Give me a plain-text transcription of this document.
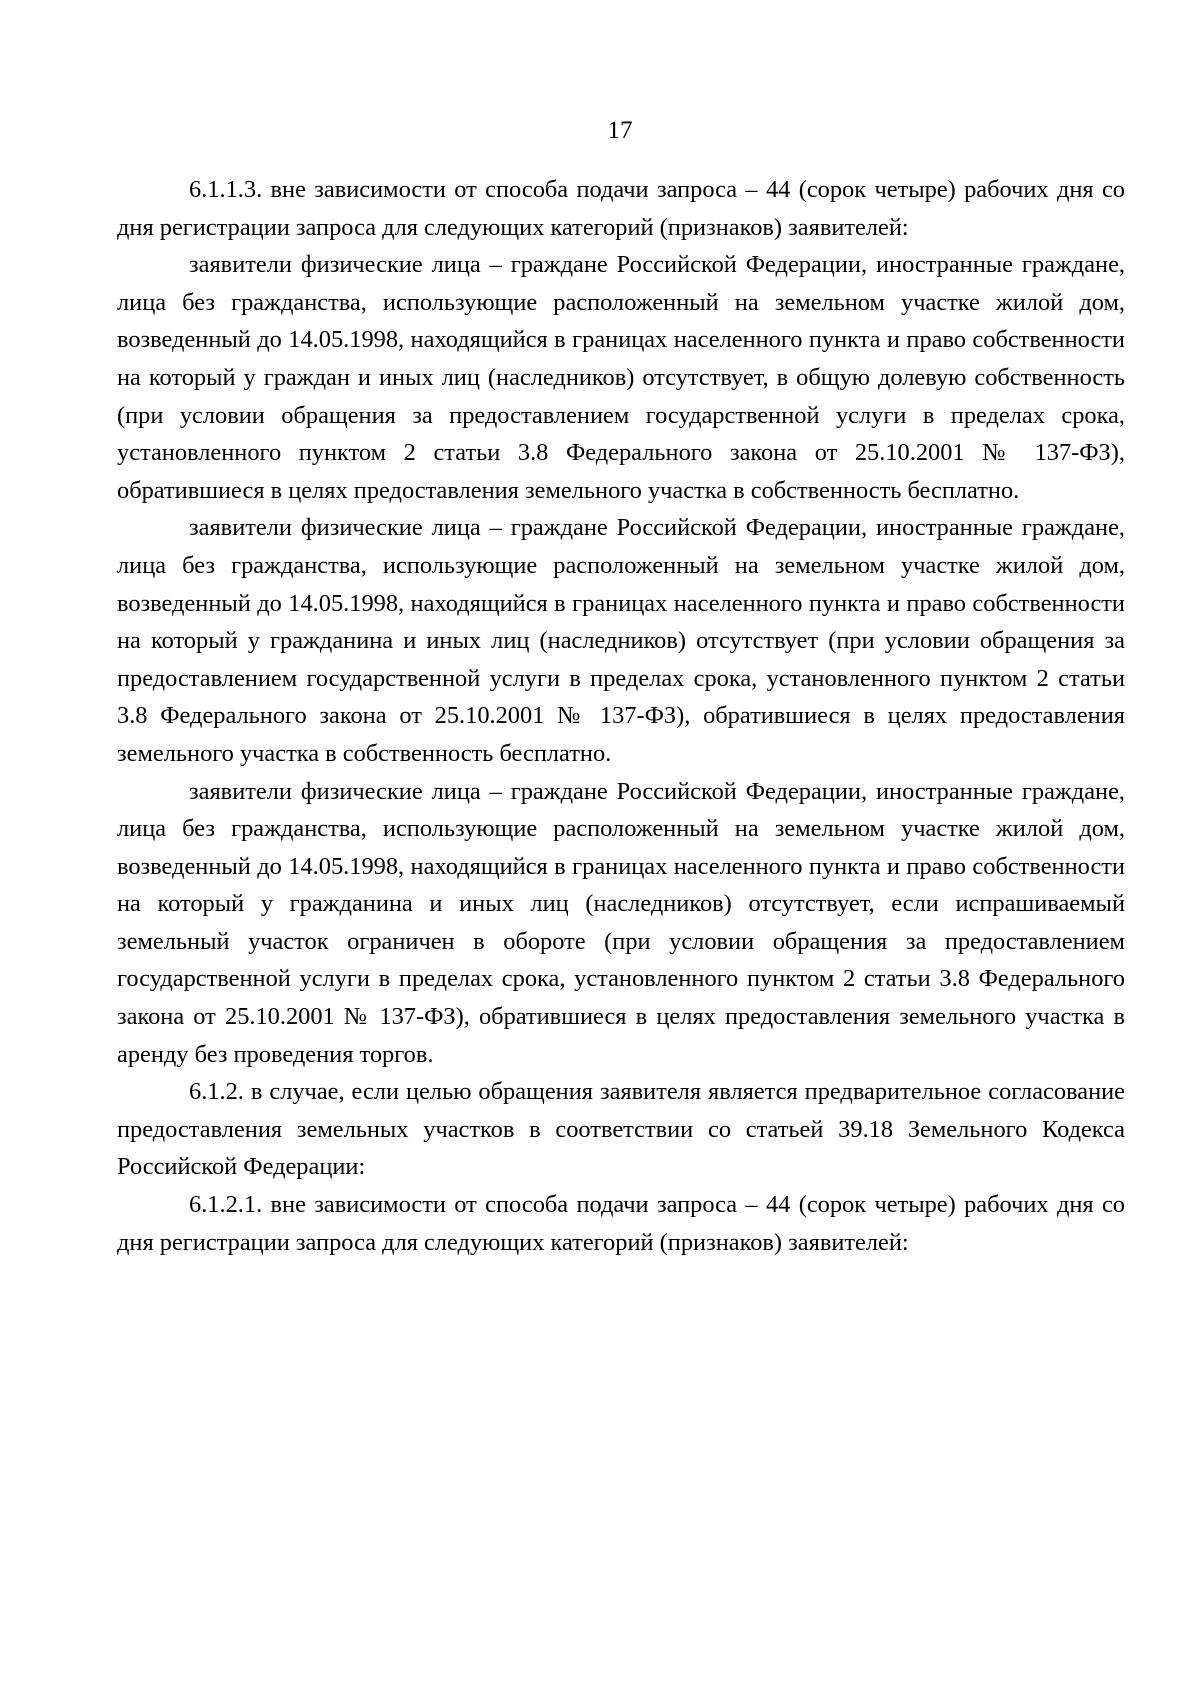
17

6.1.1.3. вне зависимости от способа подачи запроса – 44 (сорок четыре) рабочих дня со дня регистрации запроса для следующих категорий (признаков) заявителей:

заявители физические лица – граждане Российской Федерации, иностранные граждане, лица без гражданства, использующие расположенный на земельном участке жилой дом, возведенный до 14.05.1998, находящийся в границах населенного пункта и право собственности на который у граждан и иных лиц (наследников) отсутствует, в общую долевую собственность (при условии обращения за предоставлением государственной услуги в пределах срока, установленного пунктом 2 статьи 3.8 Федерального закона от 25.10.2001 № 137-ФЗ), обратившиеся в целях предоставления земельного участка в собственность бесплатно.

заявители физические лица – граждане Российской Федерации, иностранные граждане, лица без гражданства, использующие расположенный на земельном участке жилой дом, возведенный до 14.05.1998, находящийся в границах населенного пункта и право собственности на который у гражданина и иных лиц (наследников) отсутствует (при условии обращения за предоставлением государственной услуги в пределах срока, установленного пунктом 2 статьи 3.8 Федерального закона от 25.10.2001 № 137-ФЗ), обратившиеся в целях предоставления земельного участка в собственность бесплатно.

заявители физические лица – граждане Российской Федерации, иностранные граждане, лица без гражданства, использующие расположенный на земельном участке жилой дом, возведенный до 14.05.1998, находящийся в границах населенного пункта и право собственности на который у гражданина и иных лиц (наследников) отсутствует, если испрашиваемый земельный участок ограничен в обороте (при условии обращения за предоставлением государственной услуги в пределах срока, установленного пунктом 2 статьи 3.8 Федерального закона от 25.10.2001 № 137-ФЗ), обратившиеся в целях предоставления земельного участка в аренду без проведения торгов.

6.1.2. в случае, если целью обращения заявителя является предварительное согласование предоставления земельных участков в соответствии со статьей 39.18 Земельного Кодекса Российской Федерации:

6.1.2.1. вне зависимости от способа подачи запроса – 44 (сорок четыре) рабочих дня со дня регистрации запроса для следующих категорий (признаков) заявителей:
